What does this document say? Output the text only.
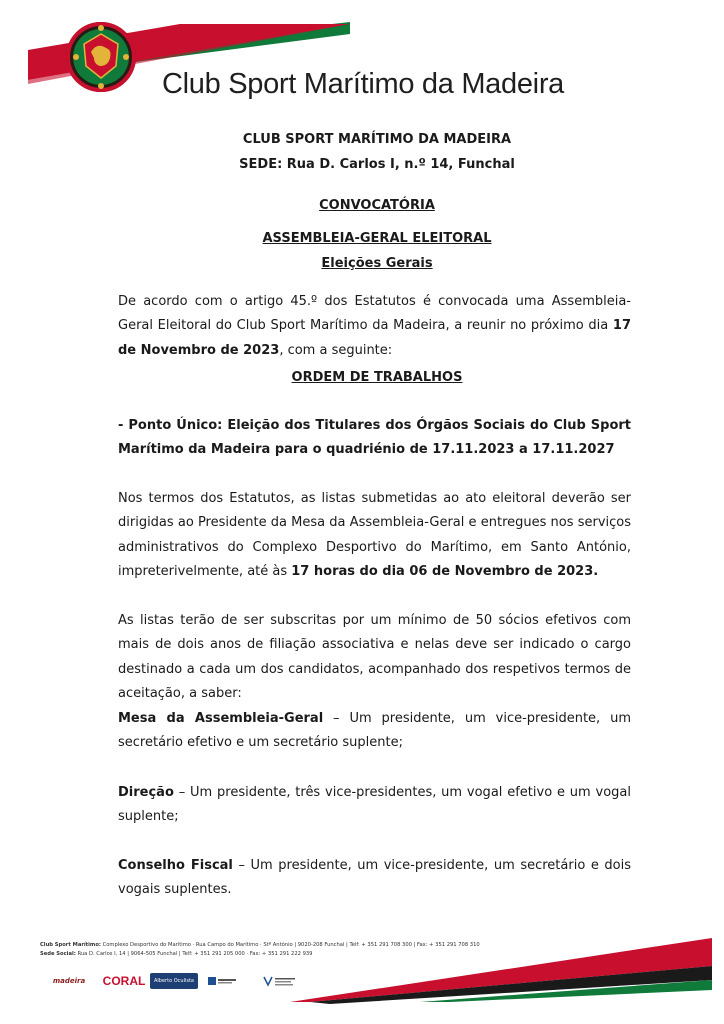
Club Sport Marítimo da Madeira
CLUB SPORT MARÍTIMO DA MADEIRA
SEDE: Rua D. Carlos I, n.º 14, Funchal
CONVOCATÓRIA
ASSEMBLEIA-GERAL ELEITORAL
Eleições Gerais

De acordo com o artigo 45.º dos Estatutos é convocada uma Assembleia-Geral Eleitoral do Club Sport Marítimo da Madeira, a reunir no próximo dia 17 de Novembro de 2023, com a seguinte:

ORDEM DE TRABALHOS

- Ponto Único: Eleição dos Titulares dos Órgãos Sociais do Club Sport Marítimo da Madeira para o quadriénio de 17.11.2023 a 17.11.2027

Nos termos dos Estatutos, as listas submetidas ao ato eleitoral deverão ser dirigidas ao Presidente da Mesa da Assembleia-Geral e entregues nos serviços administrativos do Complexo Desportivo do Marítimo, em Santo António, impreterivelmente, até às 17 horas do dia 06 de Novembro de 2023.

As listas terão de ser subscritas por um mínimo de 50 sócios efetivos com mais de dois anos de filiação associativa e nelas deve ser indicado o cargo destinado a cada um dos candidatos, acompanhado dos respetivos termos de aceitação, a saber:

Mesa da Assembleia-Geral – Um presidente, um vice-presidente, um secretário efetivo e um secretário suplente;

Direção – Um presidente, três vice-presidentes, um vogal efetivo e um vogal suplente;

Conselho Fiscal – Um presidente, um vice-presidente, um secretário e dois vogais suplentes.

Club Sport Marítimo: Complexo Desportivo do Marítimo · Rua Campo do Marítimo · Stº António | 9020-208 Funchal | Telf: + 351 291 708 300 | Fax: + 351 291 708 310
Sede Social: Rua D. Carlos I, 14 | 9064-505 Funchal | Telf: + 351 291 205 000 · Fax: + 351 291 222 939
madeira CORAL	Alberto Oculista
